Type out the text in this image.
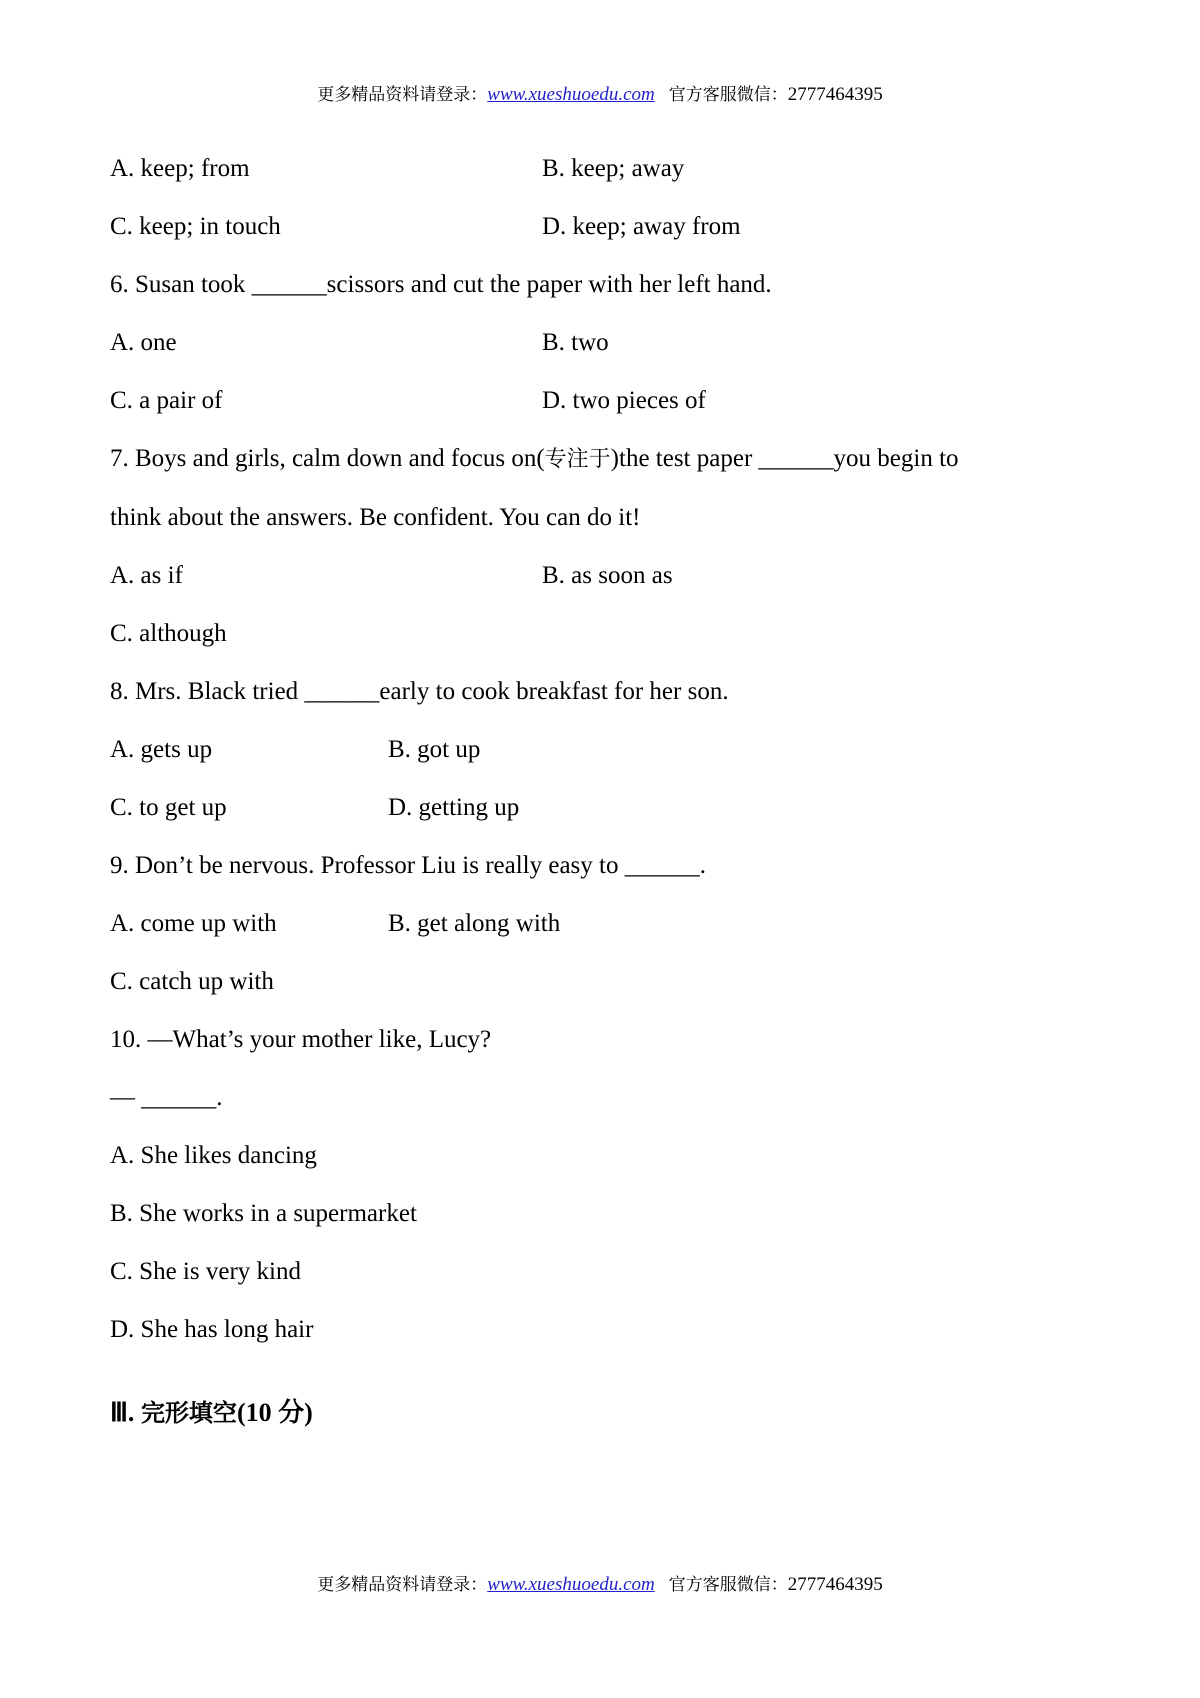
更多精品资料请登录：www.xueshuoedu.com 官方客服微信：2777464395
A. keep; from	B. keep; away
C. keep; in touch	D. keep; away from
6. Susan took ______scissors and cut the paper with her left hand.
A. one	B. two
C. a pair of	D. two pieces of
7. Boys and girls, calm down and focus on(专注于)the test paper ______you begin to
think about the answers. Be confident. You can do it!
A. as if	B. as soon as
C. although
8. Mrs. Black tried ______early to cook breakfast for her son.
A. gets up	B. got up
C. to get up	D. getting up
9. Don’t be nervous. Professor Liu is really easy to ______.
A. come up with	B. get along with
C. catch up with
10. —What’s your mother like, Lucy?
— ______.
A. She likes dancing
B. She works in a supermarket
C. She is very kind
D. She has long hair
Ⅲ. 完形填空(10 分)
更多精品资料请登录：www.xueshuoedu.com 官方客服微信：2777464395
